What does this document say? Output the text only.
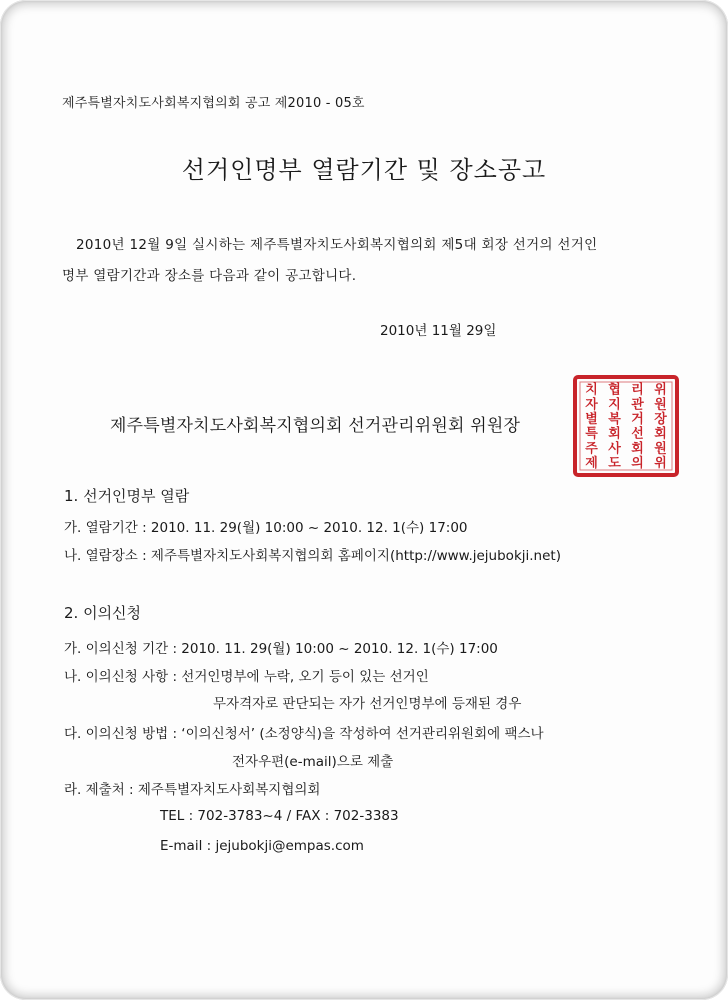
제주특별자치도사회복지협의회 공고 제2010 - 05호
선거인명부 열람기간 및 장소공고
2010년 12월 9일 실시하는 제주특별자치도사회복지협의회 제5대 회장 선거의 선거인
명부 열람기간과 장소를 다음과 같이 공고합니다.
2010년 11월 29일
제주특별자치도사회복지협의회 선거관리위원회 위원장
위
원
장
회
원
위
리
관
거
선
회
의
협
지
복
회
사
도
치
자
별
특
주
제
1. 선거인명부 열람
가. 열람기간 : 2010. 11. 29(월) 10:00 ~ 2010. 12. 1(수) 17:00
나. 열람장소 : 제주특별자치도사회복지협의회 홈페이지(http://www.jejubokji.net)
2. 이의신청
가. 이의신청 기간 : 2010. 11. 29(월) 10:00 ~ 2010. 12. 1(수) 17:00
나. 이의신청 사항 : 선거인명부에 누락, 오기 등이 있는 선거인
무자격자로 판단되는 자가 선거인명부에 등재된 경우
다. 이의신청 방법 : ‘이의신청서’ (소정양식)을 작성하여 선거관리위원회에 팩스나
전자우편(e-mail)으로 제출
라. 제출처 : 제주특별자치도사회복지협의회
TEL : 702-3783~4 / FAX : 702-3383
E-mail : jejubokji@empas.com
